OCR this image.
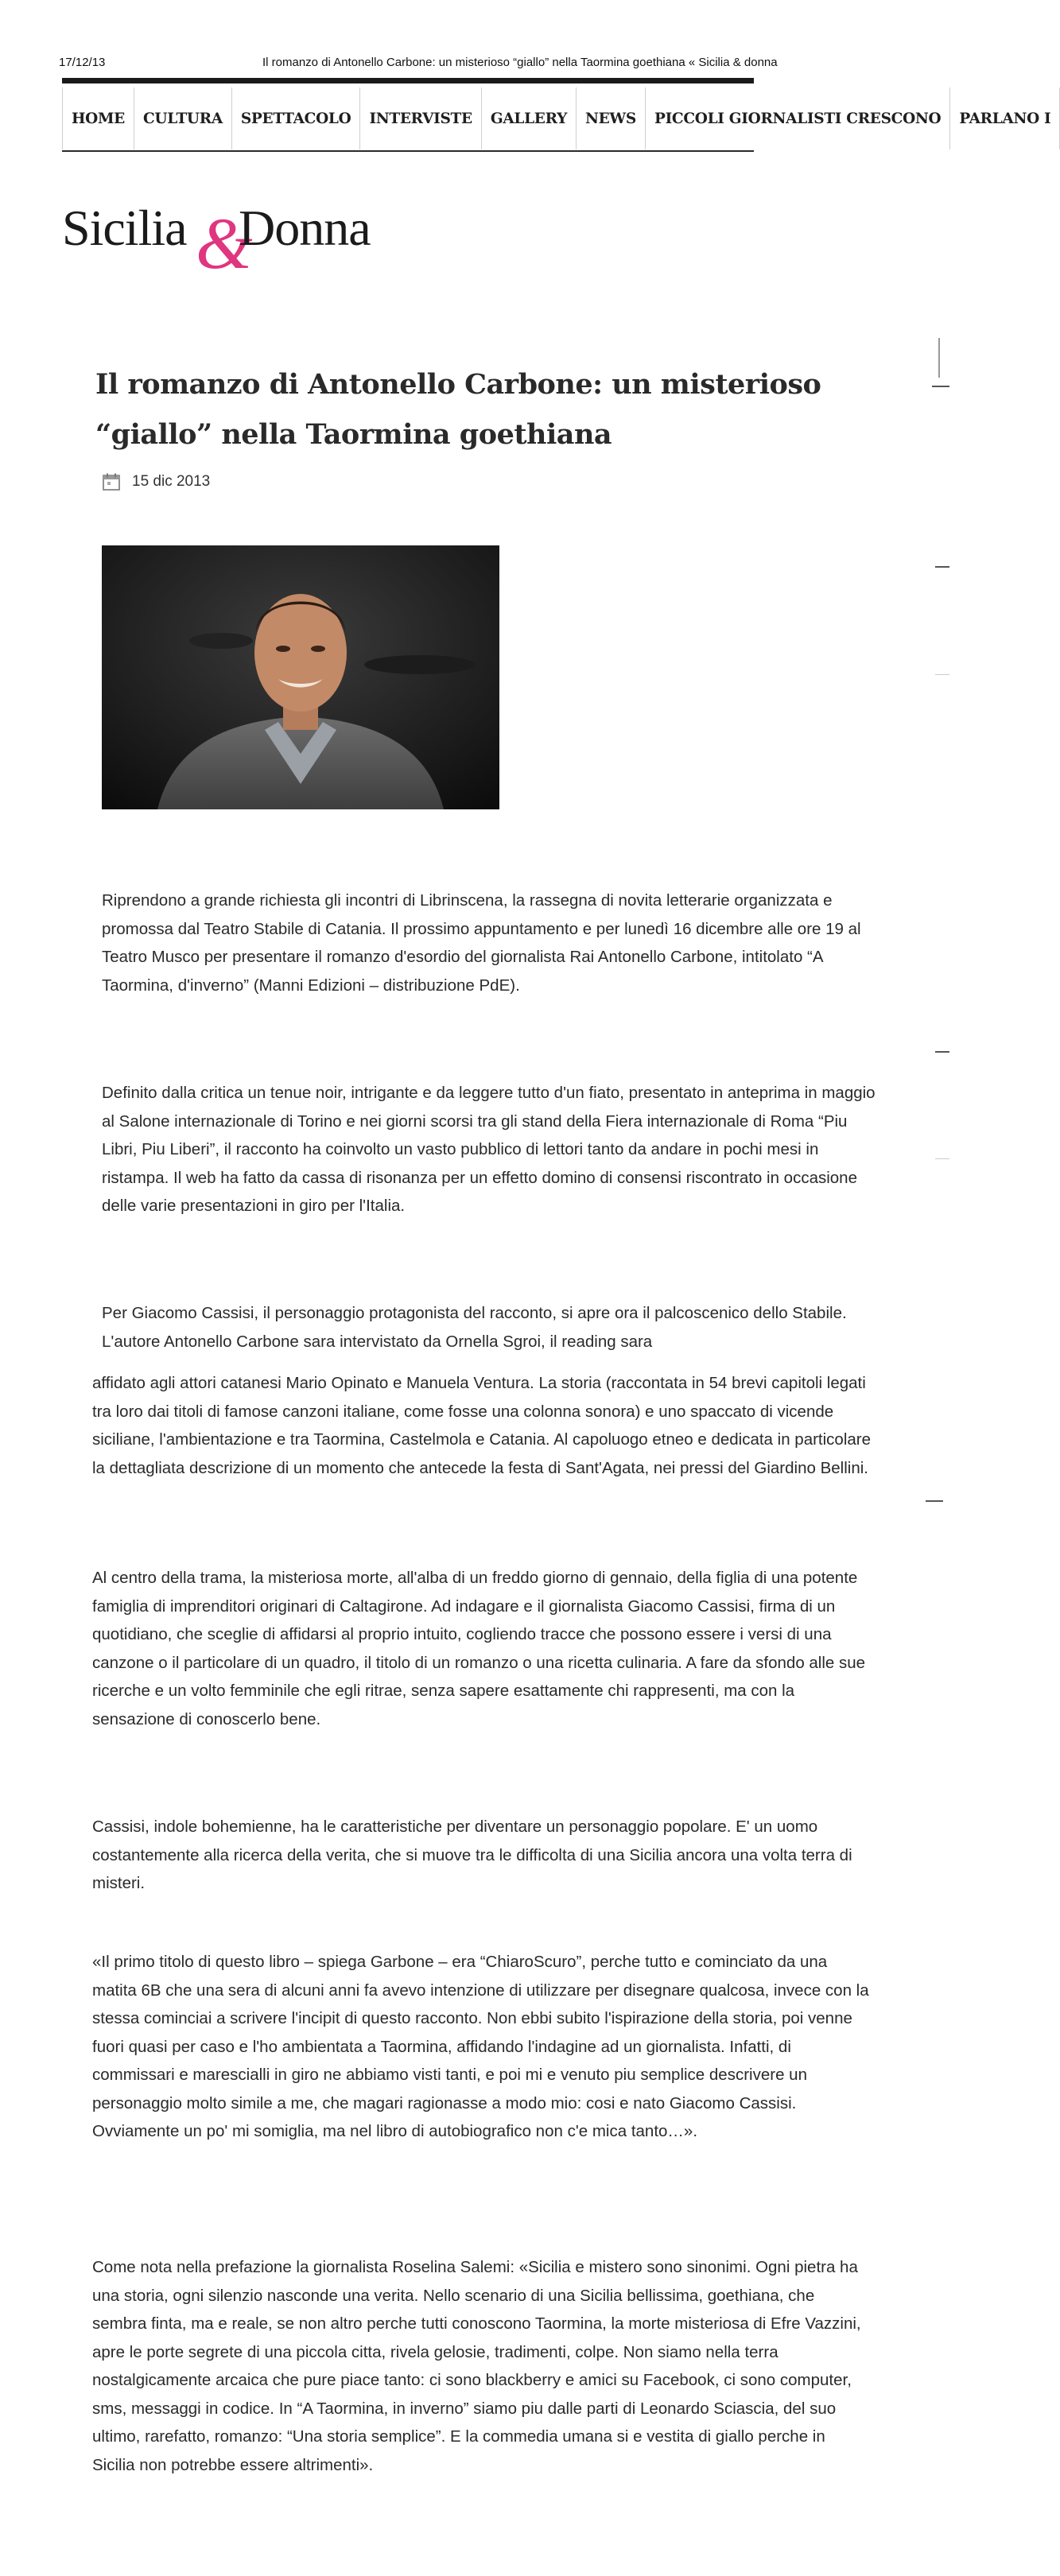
17/12/13	Il romanzo di Antonello Carbone: un misterioso “giallo” nella Taormina goethiana « Sicilia & donna
HOME	CULTURA	SPETTACOLO	INTERVISTE	GALLERY	NEWS	PICCOLI GIORNALISTI CRESCONO	PARLANO I
Sicilia &
Donna
Il romanzo di Antonello Carbone: un misterioso “giallo” nella Taormina goethiana
15 dic 2013

Riprendono a grande richiesta gli incontri di Librinscena, la rassegna di novita letterarie organizzata e promossa dal Teatro Stabile di Catania. Il prossimo appuntamento e per lunedì 16 dicembre alle ore 19 al Teatro Musco per presentare il romanzo d'esordio del giornalista Rai Antonello Carbone, intitolato “A Taormina, d'inverno” (Manni Edizioni – distribuzione PdE).

Definito dalla critica un tenue noir, intrigante e da leggere tutto d'un fiato, presentato in anteprima in maggio al Salone internazionale di Torino e nei giorni scorsi tra gli stand della Fiera internazionale di Roma “Piu Libri, Piu Liberi”, il racconto ha coinvolto un vasto pubblico di lettori tanto da andare in pochi mesi in ristampa. Il web ha fatto da cassa di risonanza per un effetto domino di consensi riscontrato in occasione delle varie presentazioni in giro per l'Italia.

Per Giacomo Cassisi, il personaggio protagonista del racconto, si apre ora il palcoscenico dello Stabile. L'autore Antonello Carbone sara intervistato da Ornella Sgroi, il reading sara

affidato agli attori catanesi Mario Opinato e Manuela Ventura. La storia (raccontata in 54 brevi capitoli legati tra loro dai titoli di famose canzoni italiane, come fosse una colonna sonora) e uno spaccato di vicende siciliane, l'ambientazione e tra Taormina, Castelmola e Catania. Al capoluogo etneo e dedicata in particolare la dettagliata descrizione di un momento che antecede la festa di Sant'Agata, nei pressi del Giardino Bellini.

Al centro della trama, la misteriosa morte, all'alba di un freddo giorno di gennaio, della figlia di una potente famiglia di imprenditori originari di Caltagirone. Ad indagare e il giornalista Giacomo Cassisi, firma di un quotidiano, che sceglie di affidarsi al proprio intuito, cogliendo tracce che possono essere i versi di una canzone o il particolare di un quadro, il titolo di un romanzo o una ricetta culinaria. A fare da sfondo alle sue ricerche e un volto femminile che egli ritrae, senza sapere esattamente chi rappresenti, ma con la sensazione di conoscerlo bene.

Cassisi, indole bohemienne, ha le caratteristiche per diventare un personaggio popolare. E' un uomo costantemente alla ricerca della verita, che si muove tra le difficolta di una Sicilia ancora una volta terra di misteri.

«Il primo titolo di questo libro – spiega Garbone – era “ChiaroScuro”, perche tutto e cominciato da una matita 6B che una sera di alcuni anni fa avevo intenzione di utilizzare per disegnare qualcosa, invece con la stessa cominciai a scrivere l'incipit di questo racconto. Non ebbi subito l'ispirazione della storia, poi venne fuori quasi per caso e l'ho ambientata a Taormina, affidando l'indagine ad un giornalista. Infatti, di commissari e marescialli in giro ne abbiamo visti tanti, e poi mi e venuto piu semplice descrivere un personaggio molto simile a me, che magari ragionasse a modo mio: cosi e nato Giacomo Cassisi. Ovviamente un po' mi somiglia, ma nel libro di autobiografico non c'e mica tanto…».

Come nota nella prefazione la giornalista Roselina Salemi: «Sicilia e mistero sono sinonimi. Ogni pietra ha una storia, ogni silenzio nasconde una verita. Nello scenario di una Sicilia bellissima, goethiana, che sembra finta, ma e reale, se non altro perche tutti conoscono Taormina, la morte misteriosa di Efre Vazzini, apre le porte segrete di una piccola citta, rivela gelosie, tradimenti, colpe. Non siamo nella terra nostalgicamente arcaica che pure piace tanto: ci sono blackberry e amici su Facebook, ci sono computer, sms, messaggi in codice. In “A Taormina, in inverno” siamo piu dalle parti di Leonardo Sciascia, del suo ultimo, rarefatto, romanzo: “Una storia semplice”. E la commedia umana si e vestita di giallo perche in Sicilia non potrebbe essere altrimenti».
